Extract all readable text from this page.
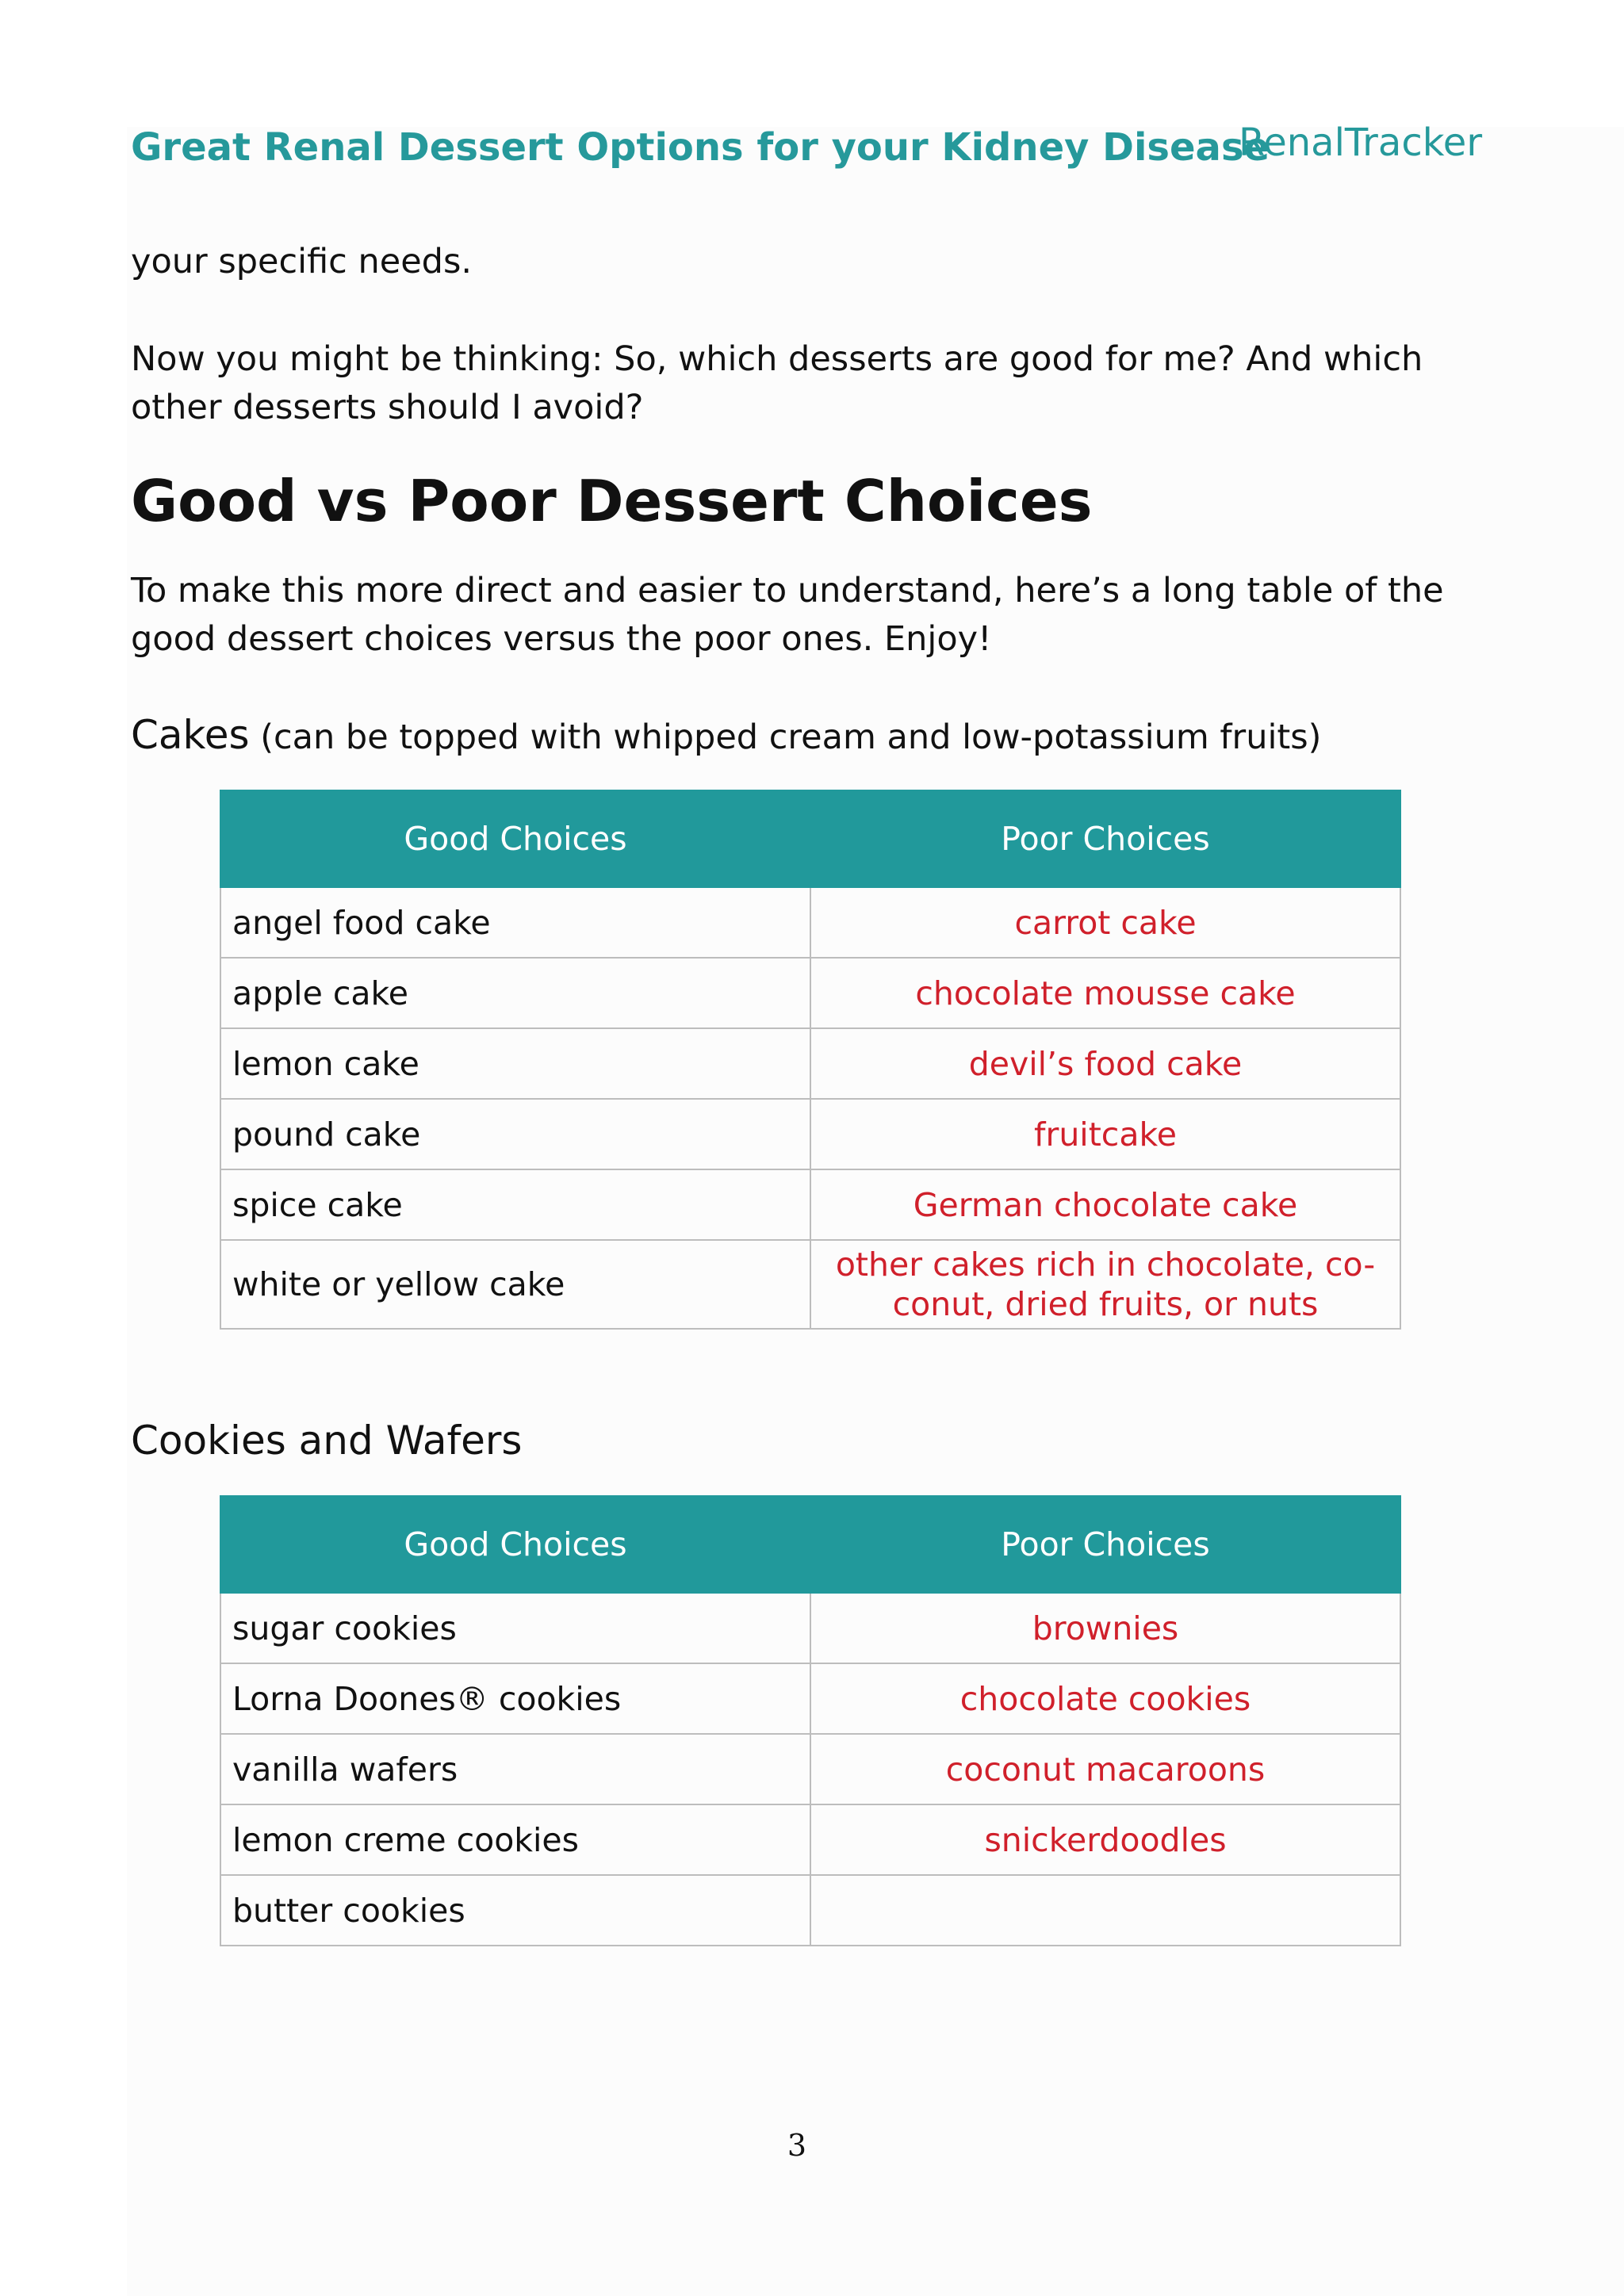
Great Renal Dessert Options for your Kidney Disease
RenalTracker

your specific needs.

Now you might be thinking: So, which desserts are good for me? And which other desserts should I avoid?

Good vs Poor Dessert Choices

To make this more direct and easier to understand, here’s a long table of the good dessert choices versus the poor ones. Enjoy!

Cakes (can be topped with whipped cream and low-potassium fruits)
Good Choices	Poor Choices
angel food cake	carrot cake
apple cake	chocolate mousse cake
lemon cake	devil’s food cake
pound cake	fruitcake
spice cake	German chocolate cake
white or yellow cake	other cakes rich in chocolate, co-conut, dried fruits, or nuts
Cookies and Wafers
Good Choices	Poor Choices
sugar cookies	brownies
Lorna Doones® cookies	chocolate cookies
vanilla wafers	coconut macaroons
lemon creme cookies	snickerdoodles
butter cookies	
3
